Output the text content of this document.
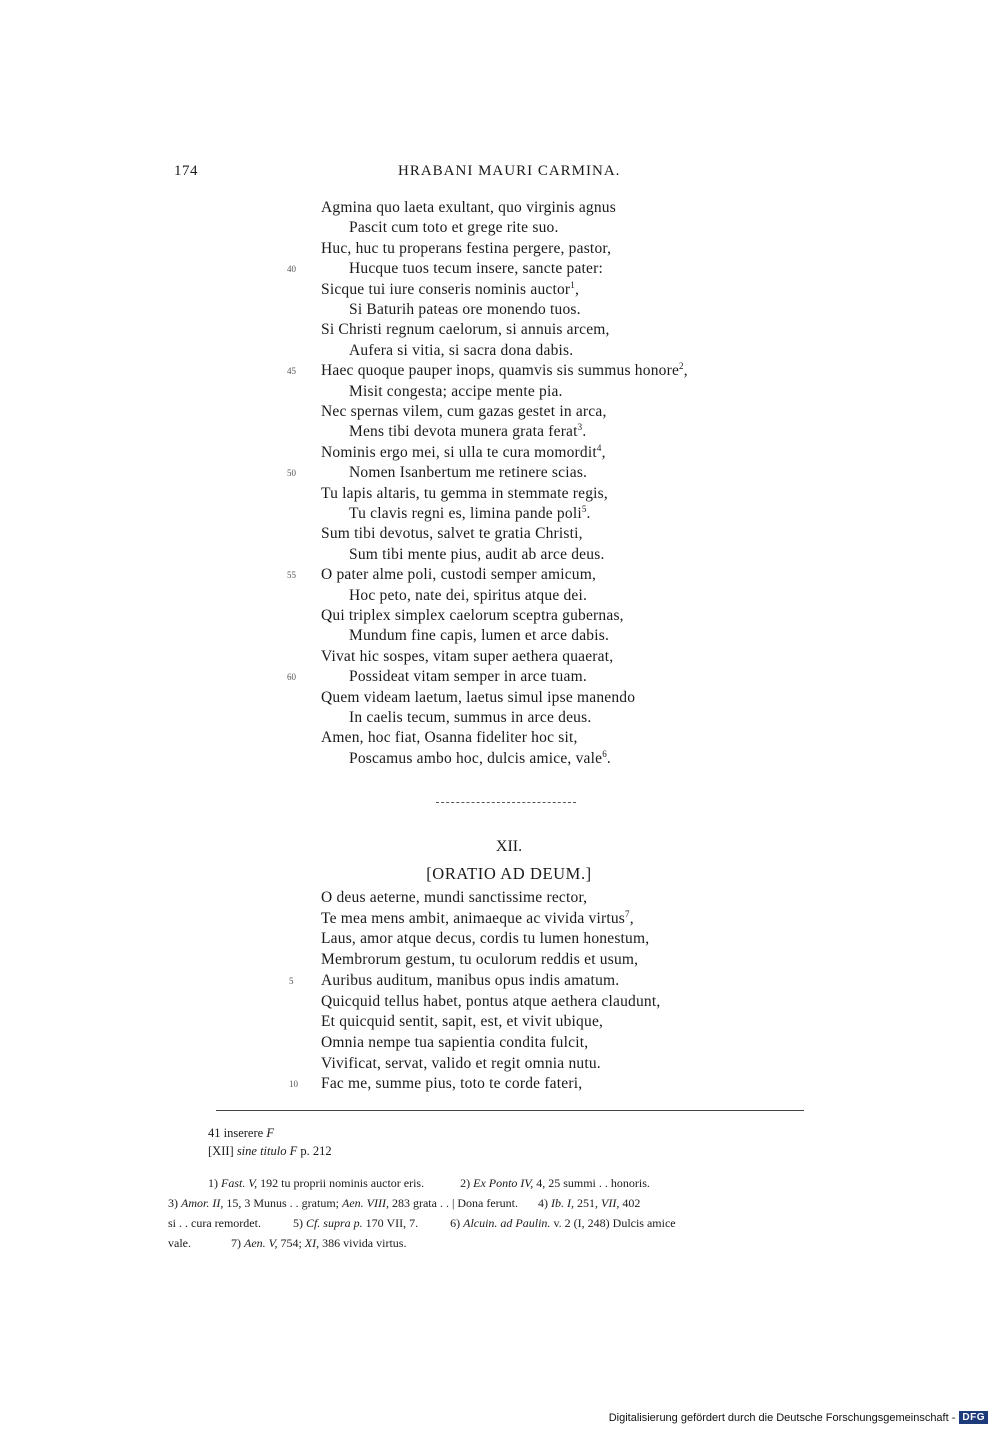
174	HRABANI MAURI CARMINA.
Agmina quo laeta exultant, quo virginis agnus
Pascit cum toto et grege rite suo.
Huc, huc tu properans festina pergere, pastor,
Hucque tuos tecum insere, sancte pater:
40
Sicque tui iure conseris nominis auctor$^1$,
Si Baturih pateas ore monendo tuos.
Si Christi regnum caelorum, si annuis arcem,
Aufera si vitia, si sacra dona dabis.
Haec quoque pauper inops, quamvis sis summus honore$^2$,
45
Misit congesta; accipe mente pia.
Nec spernas vilem, cum gazas gestet in arca,
Mens tibi devota munera grata ferat$^3$.
Nominis ergo mei, si ulla te cura momordit$^4$,
Nomen Isanbertum me retinere scias.
50
Tu lapis altaris, tu gemma in stemmate regis,
Tu clavis regni es, limina pande poli$^5$.
Sum tibi devotus, salvet te gratia Christi,
Sum tibi mente pius, audit ab arce deus.
O pater alme poli, custodi semper amicum,
55
Hoc peto, nate dei, spiritus atque dei.
Qui triplex simplex caelorum sceptra gubernas,
Mundum fine capis, lumen et arce dabis.
Vivat hic sospes, vitam super aethera quaerat,
Possideat vitam semper in arce tuam.
60
Quem videam laetum, laetus simul ipse manendo
In caelis tecum, summus in arce deus.
Amen, hoc fiat, Osanna fideliter hoc sit,
Poscamus ambo hoc, dulcis amice, vale$^6$.
XII.
[ORATIO AD DEUM.]
O deus aeterne, mundi sanctissime rector,
Te mea mens ambit, animaeque ac vivida virtus$^7$,
Laus, amor atque decus, cordis tu lumen honestum,
Membrorum gestum, tu oculorum reddis et usum,
Auribus auditum, manibus opus indis amatum.
5
Quicquid tellus habet, pontus atque aethera claudunt,
Et quicquid sentit, sapit, est, et vivit ubique,
Omnia nempe tua sapientia condita fulcit,
Vivificat, servat, valido et regit omnia nutu.
Fac me, summe pius, toto te corde fateri,
10
41 inserere F
[XII] sine titulo F p. 212
1) Fast. V, 192 tu proprii nominis auctor eris.	2) Ex Ponto IV, 4, 25 summi . . honoris.
3) Amor. II, 15, 3 Munus . . gratum; Aen. VIII, 283 grata . . | Dona ferunt. 4) Ib. I, 251, VII, 402
si . . cura remordet.	5) Cf. supra p. 170 VII, 7.	6) Alcuin. ad Paulin. v. 2 (I, 248) Dulcis amice
vale.	7) Aen. V, 754; XI, 386 vivida virtus.
Digitalisierung gefördert durch die Deutsche Forschungsgemeinschaft - DFG
